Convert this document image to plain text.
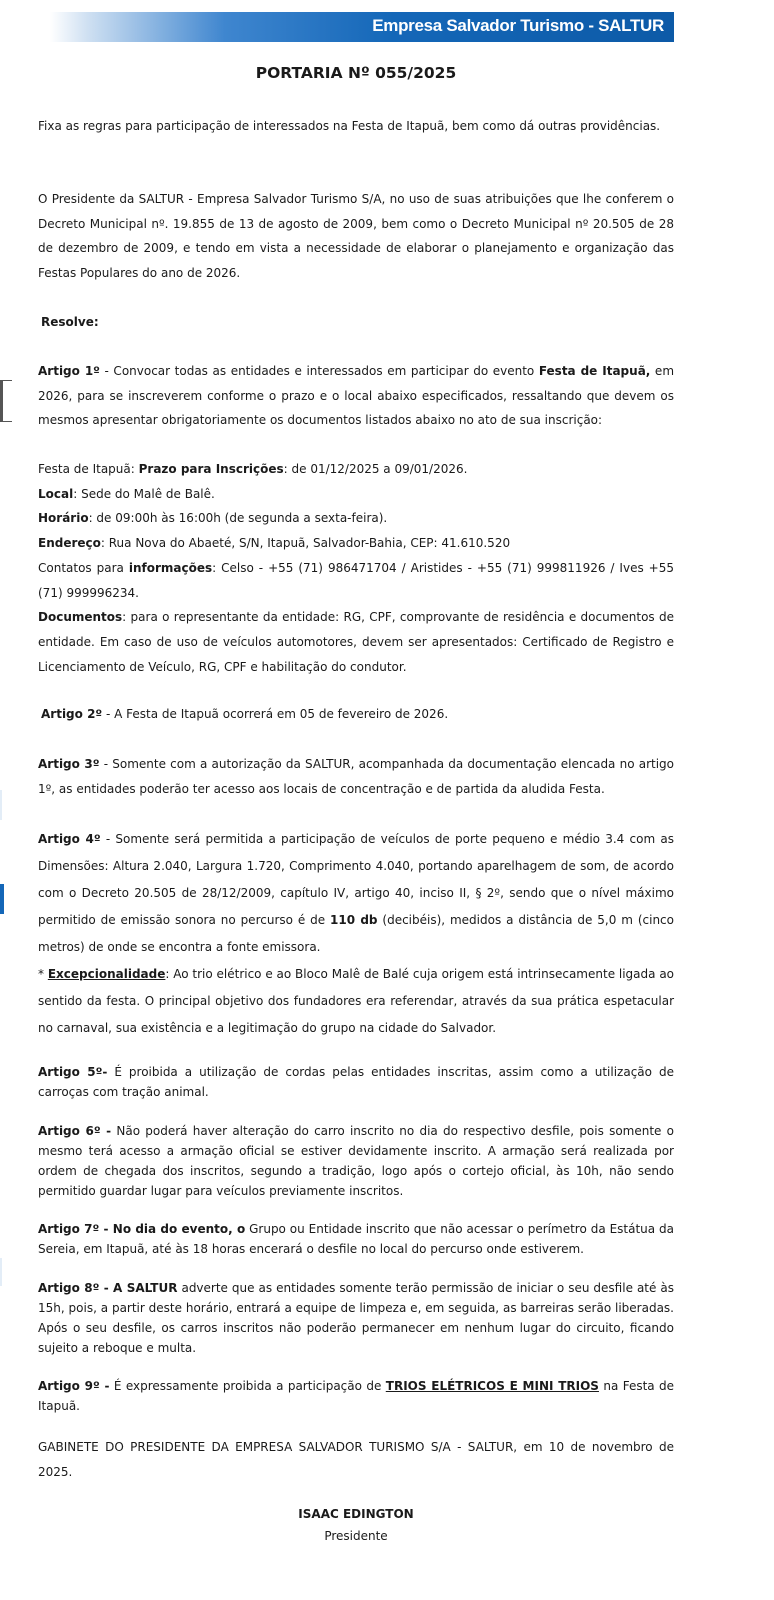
Empresa Salvador Turismo - SALTUR
PORTARIA Nº 055/2025

Fixa as regras para participação de interessados na Festa de Itapuã, bem como dá outras providências.

O Presidente da SALTUR - Empresa Salvador Turismo S/A, no uso de suas atribuições que lhe conferem o Decreto Municipal nº. 19.855 de 13 de agosto de 2009, bem como o Decreto Municipal nº 20.505 de 28 de dezembro de 2009, e tendo em vista a necessidade de elaborar o planejamento e organização das Festas Populares do ano de 2026.

Resolve:

Artigo 1º - Convocar todas as entidades e interessados em participar do evento Festa de Itapuã, em 2026, para se inscreverem conforme o prazo e o local abaixo especificados, ressaltando que devem os mesmos apresentar obrigatoriamente os documentos listados abaixo no ato de sua inscrição:

Festa de Itapuã: Prazo para Inscrições: de 01/12/2025 a 09/01/2026.
Local: Sede do Malê de Balê.
Horário: de 09:00h às 16:00h (de segunda a sexta-feira).
Endereço: Rua Nova do Abaeté, S/N, Itapuã, Salvador-Bahia, CEP: 41.610.520
Contatos para informações: Celso - +55 (71) 986471704 / Aristides - +55 (71) 999811926 / Ives +55 (71) 999996234.
Documentos: para o representante da entidade: RG, CPF, comprovante de residência e documentos de entidade. Em caso de uso de veículos automotores, devem ser apresentados: Certificado de Registro e Licenciamento de Veículo, RG, CPF e habilitação do condutor.

Artigo 2º - A Festa de Itapuã ocorrerá em 05 de fevereiro de 2026.

Artigo 3º - Somente com a autorização da SALTUR, acompanhada da documentação elencada no artigo 1º, as entidades poderão ter acesso aos locais de concentração e de partida da aludida Festa.

Artigo 4º - Somente será permitida a participação de veículos de porte pequeno e médio 3.4 com as Dimensões: Altura 2.040, Largura 1.720, Comprimento 4.040, portando aparelhagem de som, de acordo com o Decreto 20.505 de 28/12/2009, capítulo IV, artigo 40, inciso II, § 2º, sendo que o nível máximo permitido de emissão sonora no percurso é de 110 db (decibéis), medidos a distância de 5,0 m (cinco metros) de onde se encontra a fonte emissora.
* Excepcionalidade: Ao trio elétrico e ao Bloco Malê de Balé cuja origem está intrinsecamente ligada ao sentido da festa. O principal objetivo dos fundadores era referendar, através da sua prática espetacular no carnaval, sua existência e a legitimação do grupo na cidade do Salvador.

Artigo 5º- É proibida a utilização de cordas pelas entidades inscritas, assim como a utilização de carroças com tração animal.

Artigo 6º - Não poderá haver alteração do carro inscrito no dia do respectivo desfile, pois somente o mesmo terá acesso a armação oficial se estiver devidamente inscrito. A armação será realizada por ordem de chegada dos inscritos, segundo a tradição, logo após o cortejo oficial, às 10h, não sendo permitido guardar lugar para veículos previamente inscritos.

Artigo 7º - No dia do evento, o Grupo ou Entidade inscrito que não acessar o perímetro da Estátua da Sereia, em Itapuã, até às 18 horas encerará o desfile no local do percurso onde estiverem.

Artigo 8º - A SALTUR adverte que as entidades somente terão permissão de iniciar o seu desfile até às 15h, pois, a partir deste horário, entrará a equipe de limpeza e, em seguida, as barreiras serão liberadas. Após o seu desfile, os carros inscritos não poderão permanecer em nenhum lugar do circuito, ficando sujeito a reboque e multa.

Artigo 9º - É expressamente proibida a participação de TRIOS ELÉTRICOS E MINI TRIOS na Festa de Itapuã.

GABINETE DO PRESIDENTE DA EMPRESA SALVADOR TURISMO S/A - SALTUR, em 10 de novembro de 2025.

ISAAC EDINGTON
Presidente
